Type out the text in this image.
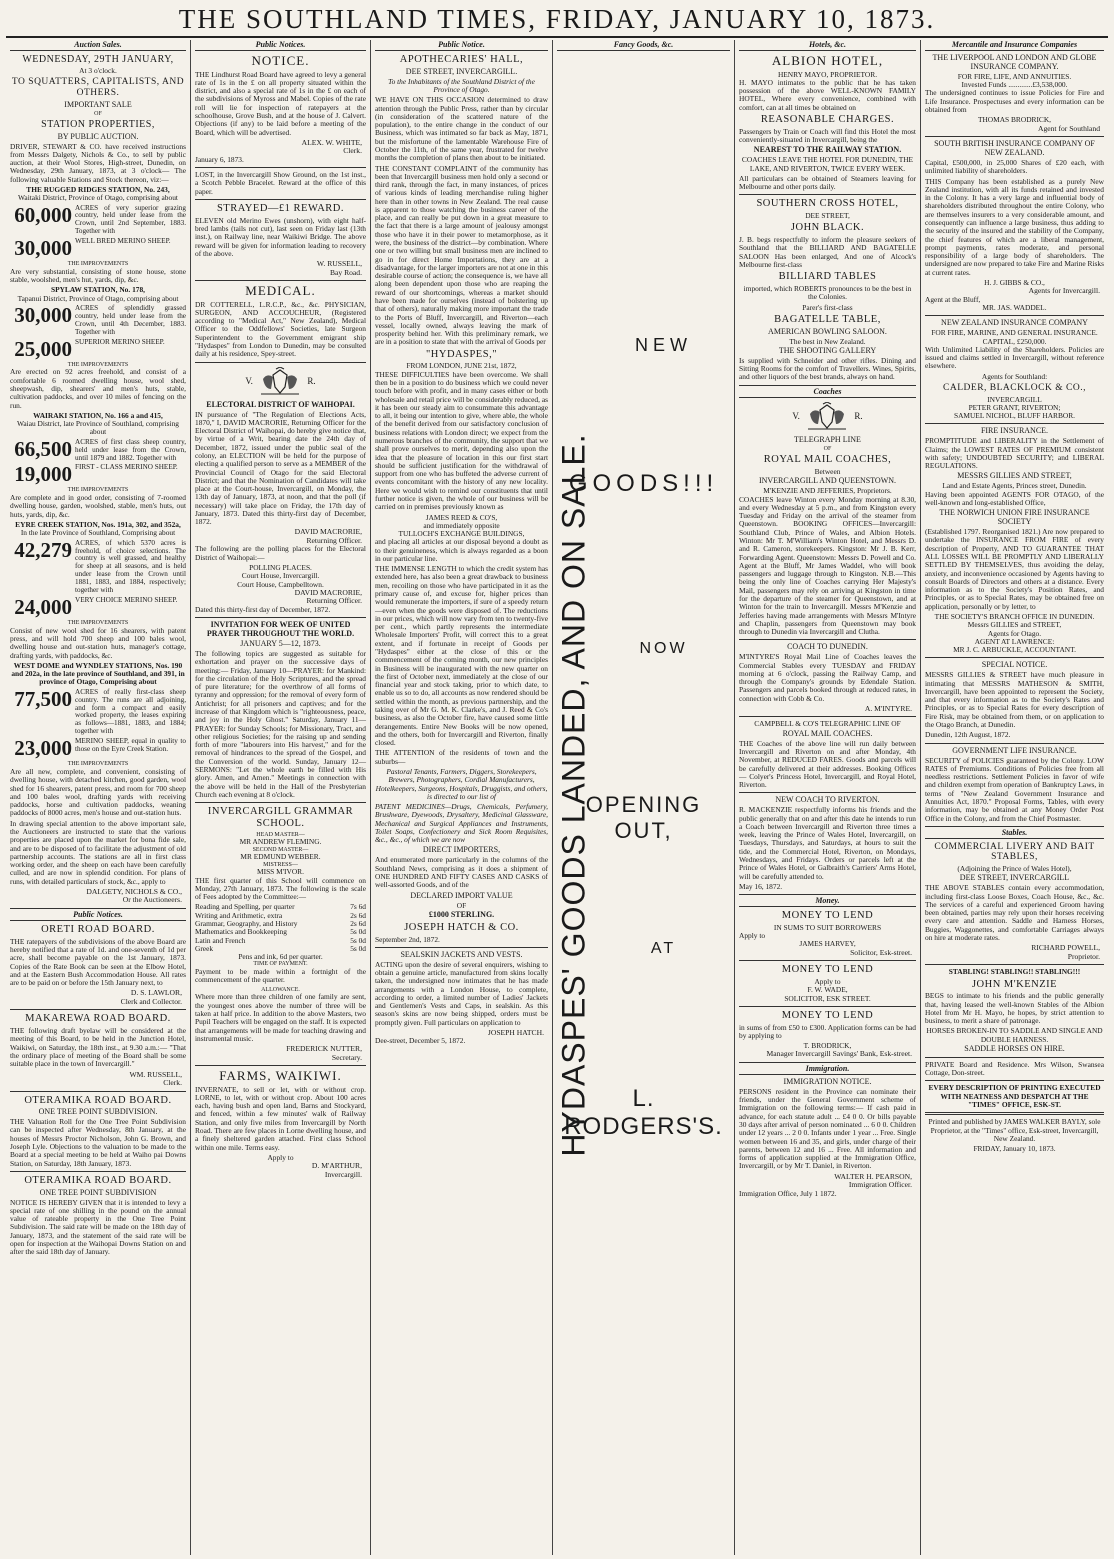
THE SOUTHLAND TIMES, FRIDAY, JANUARY 10, 1873.
Auction Sales.
WEDNESDAY, 29TH JANUARY,
At 3 o'clock.
TO SQUATTERS, CAPITALISTS, AND OTHERS.
IMPORTANT SALE
OF
STATION PROPERTIES,
BY PUBLIC AUCTION.

DRIVER, STEWART & CO. have received instructions from Messrs Dalgety, Nichols & Co., to sell by public auction, at their Wool Stores, High-street, Dunedin, on Wednesday, 29th January, 1873, at 3 o'clock— The following valuable Stations and Stock thereon, viz:—

THE RUGGED RIDGES STATION, No. 243,
Waitaki District, Province of Otago, comprising about
60,000 ACRES of very superior grazing country, held under lease from the Crown, until 2nd September, 1883. Together with
30,000 WELL BRED MERINO SHEEP.
THE IMPROVEMENTS

Are very substantial, consisting of stone house, stone stable, woolshed, men's hut, yards, dip, &c.

SPYLAW STATION, No. 178,
Tapanui District, Province of Otago, comprising about
30,000 ACRES of splendidly grassed country, held under lease from the Crown, until 4th December, 1883. Together with
25,000 SUPERIOR MERINO SHEEP.
THE IMPROVEMENTS

Are erected on 92 acres freehold, and consist of a comfortable 6 roomed dwelling house, wool shed, sheepwash, dip, shearers' and men's huts, stable, cultivation paddocks, and over 10 miles of fencing on the run.

WAIRAKI STATION, No. 166 a and 415,
Waiau District, late Province of Southland, comprising about
66,500 ACRES of first class sheep country, held under lease from the Crown, until 1879 and 1882. Together with
19,000 FIRST - CLASS MERINO SHEEP.
THE IMPROVEMENTS

Are complete and in good order, consisting of 7-roomed dwelling house, garden, woolshed, stable, men's huts, out huts, yards, dip, &c.

EYRE CREEK STATION, Nos. 191a, 302, and 352a,
In the late Province of Southland, Comprising about
42,279 ACRES, of which 5370 acres is freehold, of choice selections. The country is well grassed, and healthy for sheep at all seasons, and is held under lease from the Crown until 1881, 1883, and 1884, respectively; together with
24,000 VERY CHOICE MERINO SHEEP.
THE IMPROVEMENTS

Consist of new wool shed for 16 shearers, with patent press, and will hold 700 sheep and 100 bales wool, dwelling house and out-station huts, manager's cottage, drafting yards, with paddocks, &c.

WEST DOME and WYNDLEY STATIONS, Nos. 190 and 202a, in the late province of Southland, and 391, in province of Otago, Comprising about
77,500 ACRES of really first-class sheep country. The runs are all adjoining, and form a compact and easily worked property, the leases expiring as follows—1881, 1883, and 1884; together with
23,000 MERINO SHEEP, equal in quality to those on the Eyre Creek Station.
THE IMPROVEMENTS

Are all new, complete, and convenient, consisting of dwelling house, with detached kitchen, good garden, wool shed for 16 shearers, patent press, and room for 700 sheep and 100 bales wool, drafting yards with receiving paddocks, horse and cultivation paddocks, weaning paddocks of 8000 acres, men's house and out-station huts.

In drawing special attention to the above important sale, the Auctioneers are instructed to state that the various properties are placed upon the market for bona fide sale, and are to be disposed of to facilitate the adjustment of old partnership accounts. The stations are all in first class working order, and the sheep on each have been carefully culled, and are now in splendid condition. For plans of runs, with detailed particulars of stock, &c., apply to

DALGETY, NICHOLS & CO.,
Or the Auctioneers.
Public Notices.
ORETI ROAD BOARD.

THE ratepayers of the subdivisions of the above Board are hereby notified that a rate of 1d. and one-seventh of 1d per acre, shall become payable on the 1st January, 1873. Copies of the Rate Book can be seen at the Elbow Hotel, and at the Eastern Bush Accommodation House. All rates are to be paid on or before the 15th January next, to

D. S. LAWLOR,
Clerk and Collector.
MAKAREWA ROAD BOARD.

THE following draft byelaw will be considered at the meeting of this Board, to be held in the Junction Hotel, Waikiwi, on Saturday, the 18th inst., at 9.30 a.m.:— "That the ordinary place of meeting of the Board shall be some suitable place in the town of Invercargill."

WM. RUSSELL,
Clerk.
OTERAMIKA ROAD BOARD.
ONE TREE POINT SUBDIVISION.

THE Valuation Roll for the One Tree Point Subdivision can be inspected after Wednesday, 8th January, at the houses of Messrs Proctor Nicholson, John G. Brown, and Joseph Lyle. Objections to the valuation to be made to the Board at a special meeting to be held at Waiho pai Downs Station, on Saturday, 18th January, 1873.

OTERAMIKA ROAD BOARD.
ONE TREE POINT SUBDIVISION

NOTICE IS HEREBY GIVEN that it is intended to levy a special rate of one shilling in the pound on the annual value of rateable property in the One Tree Point Subdivision. The said rate will be made on the 18th day of January, 1873, and the statement of the said rate will be open for inspection at the Waihopai Downs Station on and after the said 18th day of January.

Public Notices.
NOTICE.

THE Lindhurst Road Board have agreed to levy a general rate of 1s in the £ on all property situated within the district, and also a special rate of 1s in the £ on each of the subdivisions of Myross and Mabel. Copies of the rate roll will lie for inspection of ratepayers at the schoolhouse, Grove Bush, and at the house of J. Calvert. Objections (if any) to be laid before a meeting of the Board, which will be advertised.

ALEX. W. WHITE,
Clerk.

January 6, 1873.

LOST, in the Invercargill Show Ground, on the 1st inst., a Scotch Pebble Bracelet. Reward at the office of this paper.

STRAYED—£1 REWARD.

ELEVEN old Merino Ewes (unshorn), with eight half-bred lambs (tails not cut), last seen on Friday last (13th inst.), on Railway line, near Waikiwi Bridge. The above reward will be given for information leading to recovery of the above.

W. RUSSELL,
Bay Road.
MEDICAL.

DR COTTERELL, L.R.C.P., &c., &c. PHYSICIAN, SURGEON, AND ACCOUCHEUR, (Registered according to "Medical Act," New Zealand), Medical Officer to the Oddfellows' Societies, late Surgeon Superintendent to the Government emigrant ship "Hydaspes" from London to Dunedin, may be consulted daily at his residence, Spey-street.

V.	R.
ELECTORAL DISTRICT OF WAIHOPAI.

IN pursuance of "The Regulation of Elections Acts, 1870," I, DAVID MACRORIE, Returning Officer for the Electoral District of Waihopai, do hereby give notice that, by virtue of a Writ, bearing date the 24th day of December, 1872, issued under the public seal of the colony, an ELECTION will be held for the purpose of electing a qualified person to serve as a MEMBER of the Provincial Council of Otago for the said Electoral District; and that the Nomination of Candidates will take place at the Court-house, Invercargill, on Monday, the 13th day of January, 1873, at noon, and that the poll (if necessary) will take place on Friday, the 17th day of January, 1873. Dated this thirty-first day of December, 1872.

DAVID MACRORIE,
Returning Officer.

The following are the polling places for the Electoral District of Waihopai:—

POLLING PLACES.
Court House, Invercargill.
Court House, Campbelltown.
DAVID MACRORIE,
Returning Officer.

Dated this thirty-first day of December, 1872.

INVITATION FOR WEEK OF UNITED PRAYER THROUGHOUT THE WORLD.
JANUARY 5—12, 1873.

The following topics are suggested as suitable for exhortation and prayer on the successive days of meeting:— Friday, January 10—PRAYER: for Mankind: for the circulation of the Holy Scriptures, and the spread of pure literature; for the overthrow of all forms of tyranny and oppression; for the removal of every form of Antichrist; for all prisoners and captives; and for the increase of that Kingdom which is "righteousness, peace, and joy in the Holy Ghost." Saturday, January 11—PRAYER: for Sunday Schools; for Missionary, Tract, and other religious Societies; for the raising up and sending forth of more "labourers into His harvest," and for the removal of hindrances to the spread of the Gospel, and the Conversion of the world. Sunday, January 12—SERMONS: "Let the whole earth be filled with His glory. Amen, and Amen." Meetings in connection with the above will be held in the Hall of the Presbyterian Church each evening at 8 o'clock.

INVERCARGILL GRAMMAR SCHOOL.
HEAD MASTER—
MR ANDREW FLEMING.
SECOND MASTER—
MR EDMUND WEBBER.
MISTRESS—
MISS M'IVOR.

THE first quarter of this School will commence on Monday, 27th January, 1873. The following is the scale of Fees adopted by the Committee:—

Reading and Spelling, per quarter	7s 6d
Writing and Arithmetic, extra	2s 6d
Grammar, Geography, and History	2s 6d
Mathematics and Bookkeeping	5s 0d
Latin and French	5s 0d
Greek	5s 0d
Pens and ink, 6d per quarter.
TIME OF PAYMENT.

Payment to be made within a fortnight of the commencement of the quarter.

ALLOWANCE.

Where more than three children of one family are sent, the youngest ones above the number of three will be taken at half price. In addition to the above Masters, two Pupil Teachers will be engaged on the staff. It is expected that arrangements will be made for teaching drawing and instrumental music.

FREDERICK NUTTER,
Secretary.
FARMS, WAIKIWI.

INVERNATE, to sell or let, with or without crop. LORNE, to let, with or without crop. About 100 acres each, having bush and open land, Barns and Stockyard, and fenced, within a few minutes' walk of Railway Station, and only five miles from Invercargill by North Road. There are few places in Lorne dwelling house, and a finely sheltered garden attached. First class School within one mile. Terms easy.

Apply to
D. M'ARTHUR,
Invercargill.
Public Notice.
APOTHECARIES' HALL,
DEE STREET, INVERCARGILL.

To the Inhabitants of the Southland District of the Province of Otago.

WE HAVE ON THIS OCCASION determined to draw attention through the Public Press, rather than by circular (in consideration of the scattered nature of the population), to the entire change in the conduct of our Business, which was intimated so far back as May, 1871, but the misfortune of the lamentable Warehouse Fire of October the 11th, of the same year, frustrated for twelve months the completion of plans then about to be initiated.

THE CONSTANT COMPLAINT of the community has been that Invercargill business men hold only a second or third rank, through the fact, in many instances, of prices of various kinds of leading merchandise ruling higher here than in other towns in New Zealand. The real cause is apparent to those watching the business career of the place, and can really be put down in a great measure to the fact that there is a large amount of jealousy amongst those who have it in their power to metamorphose, as it were, the business of the district—by combination. Where one or two willing but small business men are inclined to go in for direct Home Importations, they are at a disadvantage, for the larger importers are not at one in this desirable course of action; the consequence is, we have all along been dependent upon those who are reaping the reward of our shortcomings, whereas a market should have been made for ourselves (instead of bolstering up that of others), naturally making more important the trade to the Ports of Bluff, Invercargill, and Riverton—each vessel, locally owned, always leaving the mark of prosperity behind her. With this preliminary remark, we are in a position to state that with the arrival of Goods per

"HYDASPES,"
FROM LONDON, JUNE 21st, 1872,

THESE DIFFICULTIES have been overcome. We shall then be in a position to do business which we could never touch before with profit, and in many cases either or both wholesale and retail price will be considerably reduced, as it has been our steady aim to consummate this advantage to all, it being our intention to give, where able, the whole of the benefit derived from our satisfactory conclusion of business relations with London direct; we expect from the numerous branches of the community, the support that we shall prove ourselves to merit, depending also upon the idea that the pleasure of location in this our first start should be sufficient justification for the withdrawal of support from one who has buffeted the adverse current of events concomitant with the history of any new locality. Here we would wish to remind our constituents that until further notice is given, the whole of our business will be carried on in premises previously known as

JAMES REED & CO'S,
and immediately opposite
TULLOCH'S EXCHANGE BUILDINGS,

and placing all articles at our disposal beyond a doubt as to their genuineness, which is always regarded as a boon in our particular line.

THE IMMENSE LENGTH to which the credit system has extended here, has also been a great drawback to business men, recoiling on those who have participated in it as the primary cause of, and excuse for, higher prices than would remunerate the importers, if sure of a speedy return—even when the goods were disposed of. The reductions in our prices, which will now vary from ten to twenty-five per cent., which partly represents the intermediate Wholesale Importers' Profit, will correct this to a great extent, and if fortunate in receipt of Goods per "Hydaspes" either at the close of this or the commencement of the coming month, our new principles in Business will be inaugurated with the new quarter on the first of October next, immediately at the close of our financial year and stock taking, prior to which date, to enable us so to do, all accounts as now rendered should be settled within the month, as previous partnership, and the taking over of Mr G. M. K. Clarke's, and J. Reed & Co's business, as also the October fire, have caused some little derangements. Entire New Books will be now opened, and the others, both for Invercargill and Riverton, finally closed.

THE ATTENTION of the residents of town and the suburbs—

Pastoral Tenants, Farmers, Diggers, Storekeepers, Brewers, Photographers, Cordial Manufacturers, Hotelkeepers, Surgeons, Hospitals, Druggists, and others, is directed to our list of

PATENT MEDICINES—Drugs, Chemicals, Perfumery, Brushware, Dyewoods, Drysaltery, Medicinal Glassware, Mechanical and Surgical Appliances and Instruments, Toilet Soaps, Confectionery and Sick Room Requisites, &c., &c., of which we are now

DIRECT IMPORTERS,

And enumerated more particularly in the columns of the Southland News, comprising as it does a shipment of ONE HUNDRED AND FIFTY CASES AND CASKS of well-assorted Goods, and of the

DECLARED IMPORT VALUE
OF
£1000 STERLING.
JOSEPH HATCH & CO.
September 2nd, 1872.
SEALSKIN JACKETS AND VESTS.

ACTING upon the desire of several enquirers, wishing to obtain a genuine article, manufactured from skins locally taken, the undersigned now intimates that he has made arrangements with a London House, to complete, according to order, a limited number of Ladies' Jackets and Gentlemen's Vests and Caps, in sealskin. As this season's skins are now being shipped, orders must be promptly given. Full particulars on application to

JOSEPH HATCH.
Dee-street, December 5, 1872.
Fancy Goods, &c.
HYDASPES' GOODS LANDED, AND ON SALE.
NEW
GOODS!!!
NOW
OPENING OUT,
AT
L. RODGERS'S.
Hotels, &c.
ALBION HOTEL,
HENRY MAYO, PROPRIETOR.

H. MAYO intimates to the public that he has taken possession of the above WELL-KNOWN FAMILY HOTEL, Where every convenience, combined with comfort, can at all times be obtained on

REASONABLE CHARGES.

Passengers by Train or Coach will find this Hotel the most conveniently-situated in Invercargill, being the

NEAREST TO THE RAILWAY STATION.

COACHES LEAVE THE HOTEL FOR DUNEDIN, THE LAKE, AND RIVERTON, TWICE EVERY WEEK.

All particulars can be obtained of Steamers leaving for Melbourne and other ports daily.

SOUTHERN CROSS HOTEL,
DEE STREET,
JOHN BLACK.

J. B. begs respectfully to inform the pleasure seekers of Southland that the BILLIARD AND BAGATELLE SALOON Has been enlarged, And one of Alcock's Melbourne first-class

BILLIARD TABLES

imported, which ROBERTS pronounces to be the best in the Colonies.

Parer's first-class
BAGATELLE TABLE,
AMERICAN BOWLING SALOON.
The best in New Zealand.
THE SHOOTING GALLERY

Is supplied with Schneider and other rifles. Dining and Sitting Rooms for the comfort of Travellers. Wines, Spirits, and other liquors of the best brands, always on hand.

Coaches
V.	R.
TELEGRAPH LINE
OF
ROYAL MAIL COACHES,
Between
INVERCARGILL AND QUEENSTOWN.
M'KENZIE AND JEFFERIES, Proprietors.

COACHES leave Winton every Monday morning at 8.30, and every Wednesday at 5 p.m., and from Kingston every Tuesday and Friday on the arrival of the steamer from Queenstown. BOOKING OFFICES—Invercargill: Southland Club, Prince of Wales, and Albion Hotels. Winton: Mr T. M'William's Winton Hotel, and Messrs D. and R. Cameron, storekeepers. Kingston: Mr J. B. Kerr, Forwarding Agent. Queenstown: Messrs D. Powell and Co. Agent at the Bluff, Mr James Waddel, who will book passengers and luggage through to Kingston. N.B.—This being the only line of Coaches carrying Her Majesty's Mail, passengers may rely on arriving at Kingston in time for the departure of the steamer for Queenstown, and at Winton for the train to Invercargill. Messrs M'Kenzie and Jefferies having made arrangements with Messrs M'Intyre and Chaplin, passengers from Queenstown may book through to Dunedin via Invercargill and Clutha.

COACH TO DUNEDIN.

M'INTYRE'S Royal Mail Line of Coaches leaves the Commercial Stables every TUESDAY and FRIDAY morning at 6 o'clock, passing the Railway Camp, and through the Company's grounds by Edendale Station. Passengers and parcels booked through at reduced rates, in connection with Cobb & Co.

A. M'INTYRE.
CAMPBELL & CO'S TELEGRAPHIC LINE OF
ROYAL MAIL COACHES.

THE Coaches of the above line will run daily between Invercargill and Riverton on and after Monday, 4th November, at REDUCED FARES. Goods and parcels will be carefully delivered at their addresses. Booking Offices — Colyer's Princess Hotel, Invercargill, and Royal Hotel, Riverton.

NEW COACH TO RIVERTON.

R. MACKENZIE respectfully informs his friends and the public generally that on and after this date he intends to run a Coach between Invercargill and Riverton three times a week, leaving the Prince of Wales Hotel, Invercargill, on Tuesdays, Thursdays, and Saturdays, at hours to suit the tide, and the Commercial Hotel, Riverton, on Mondays, Wednesdays, and Fridays. Orders or parcels left at the Prince of Wales Hotel, or Galbraith's Carriers' Arms Hotel, will be carefully attended to.

May 16, 1872.
Money.
MONEY TO LEND
IN SUMS TO SUIT BORROWERS
Apply to
JAMES HARVEY,
Solicitor, Esk-street.
MONEY TO LEND
Apply to
F. W. WADE,
SOLICITOR, ESK STREET.
MONEY TO LEND

in sums of from £50 to £300. Application forms can be had by applying to

T. BRODRICK,
Manager Invercargill Savings' Bank, Esk-street.
Immigration.
IMMIGRATION NOTICE.

PERSONS resident in the Province can nominate their friends, under the General Government scheme of Immigration on the following terms:— If cash paid in advance, for each statute adult ... £4 0 0. Or bills payable 30 days after arrival of person nominated ... 6 0 0. Children under 12 years ... 2 0 0. Infants under 1 year ... Free. Single women between 16 and 35, and girls, under charge of their parents, between 12 and 16 ... Free. All information and forms of application supplied at the Immigration Office, Invercargill, or by Mr T. Daniel, in Riverton.

WALTER H. PEARSON,
Immigration Officer.
Immigration Office, July 1 1872.
Mercantile and Insurance Companies
THE LIVERPOOL AND LONDON AND GLOBE INSURANCE COMPANY.
FOR FIRE, LIFE, AND ANNUITIES.
Invested Funds .............£3,538,000.

The undersigned continues to issue Policies for Fire and Life Insurance. Prospectuses and every information can be obtained from

THOMAS BRODRICK,
Agent for Southland
SOUTH BRITISH INSURANCE COMPANY OF NEW ZEALAND.

Capital, £500,000, in 25,000 Shares of £20 each, with unlimited liability of shareholders.

THIS Company has been established as a purely New Zealand institution, with all its funds retained and invested in the Colony. It has a very large and influential body of shareholders distributed throughout the entire Colony, who are themselves insurers to a very considerable amount, and consequently can influence a large business, thus adding to the security of the insured and the stability of the Company, the chief features of which are a liberal management, prompt payments, rates moderate, and personal responsibility of a large body of shareholders. The undersigned are now prepared to take Fire and Marine Risks at current rates.

H. J. GIBBS & CO.,
Agents for Invercargill.
Agent at the Bluff,
MR. JAS. WADDEL.
NEW ZEALAND INSURANCE COMPANY
FOR FIRE, MARINE, AND GENERAL INSURANCE.
CAPITAL, £250,000.

With Unlimited Liability of the Shareholders. Policies are issued and claims settled in Invercargill, without reference elsewhere.

Agents for Southland:
CALDER, BLACKLOCK & CO.,
INVERCARGILL
PETER GRANT, RIVERTON;
SAMUEL NICHOL, BLUFF HARBOR.
FIRE INSURANCE.

PROMPTITUDE and LIBERALITY in the Settlement of Claims; the LOWEST RATES OF PREMIUM consistent with safety; UNDOUBTED SECURITY; and LIBERAL REGULATIONS.

MESSRS GILLIES AND STREET,
Land and Estate Agents, Princes street, Dunedin.

Having been appointed AGENTS FOR OTAGO, of the well-known and long-established Office,

THE NORWICH UNION FIRE INSURANCE SOCIETY

(Established 1797. Reorganised 1821.) Are now prepared to undertake the INSURANCE FROM FIRE of every description of Property, AND TO GUARANTEE THAT ALL LOSSES WILL BE PROMPTLY AND LIBERALLY SETTLED BY THEMSELVES, thus avoiding the delay, anxiety, and inconvenience occasioned by Agents having to consult Boards of Directors and others at a distance. Every information as to the Society's Position Rates, and Principles, or as to Special Rates, may be obtained free on application, personally or by letter, to

THE SOCIETY'S BRANCH OFFICE IN DUNEDIN.
Messrs GILLIES and STREET,
Agents for Otago.
AGENT AT LAWRENCE:
MR J. C. ARBUCKLE, ACCOUNTANT.
SPECIAL NOTICE.

MESSRS GILLIES & STREET have much pleasure in intimating that MESSRS MATHESON & SMITH, Invercargill, have been appointed to represent the Society, and that every information as to the Society's Rates and Principles, or as to Special Rates for every description of Fire Risk, may be obtained from them, or on application to the Otago Branch, at Dunedin.

Dunedin, 12th August, 1872.
GOVERNMENT LIFE INSURANCE.

SECURITY of POLICIES guaranteed by the Colony. LOW RATES of Premiums. Conditions of Policies free from all needless restrictions. Settlement Policies in favor of wife and children exempt from operation of Bankruptcy Laws, in terms of "New Zealand Government Insurance and Annuities Act, 1870." Proposal Forms, Tables, with every information, may be obtained at any Money Order Post Office in the Colony, and from the Chief Postmaster.

Stables.
COMMERCIAL LIVERY AND BAIT STABLES,
(Adjoining the Prince of Wales Hotel),
DEE STREET, INVERCARGILL

THE ABOVE STABLES contain every accommodation, including first-class Loose Boxes, Coach House, &c., &c. The services of a careful and experienced Groom having been obtained, parties may rely upon their horses receiving every care and attention. Saddle and Harness Horses, Buggies, Waggonettes, and comfortable Carriages always on hire at moderate rates.

RICHARD POWELL,
Proprietor.
STABLING! STABLING!! STABLING!!!
JOHN M'KENZIE

BEGS to intimate to his friends and the public generally that, having leased the well-known Stables of the Albion Hotel from Mr H. Mayo, he hopes, by strict attention to business, to merit a share of patronage.

HORSES BROKEN-IN TO SADDLE AND SINGLE AND DOUBLE HARNESS.
SADDLE HORSES ON HIRE.

PRIVATE Board and Residence. Mrs Wilson, Swansea Cottage, Don-street.

EVERY DESCRIPTION OF PRINTING EXECUTED WITH NEATNESS AND DESPATCH AT THE "TIMES" OFFICE, ESK-ST.

Printed and published by JAMES WALKER BAYLY, sole Proprietor, at the "Times" office, Esk-street, Invercargill, New Zealand.

FRIDAY, January 10, 1873.
